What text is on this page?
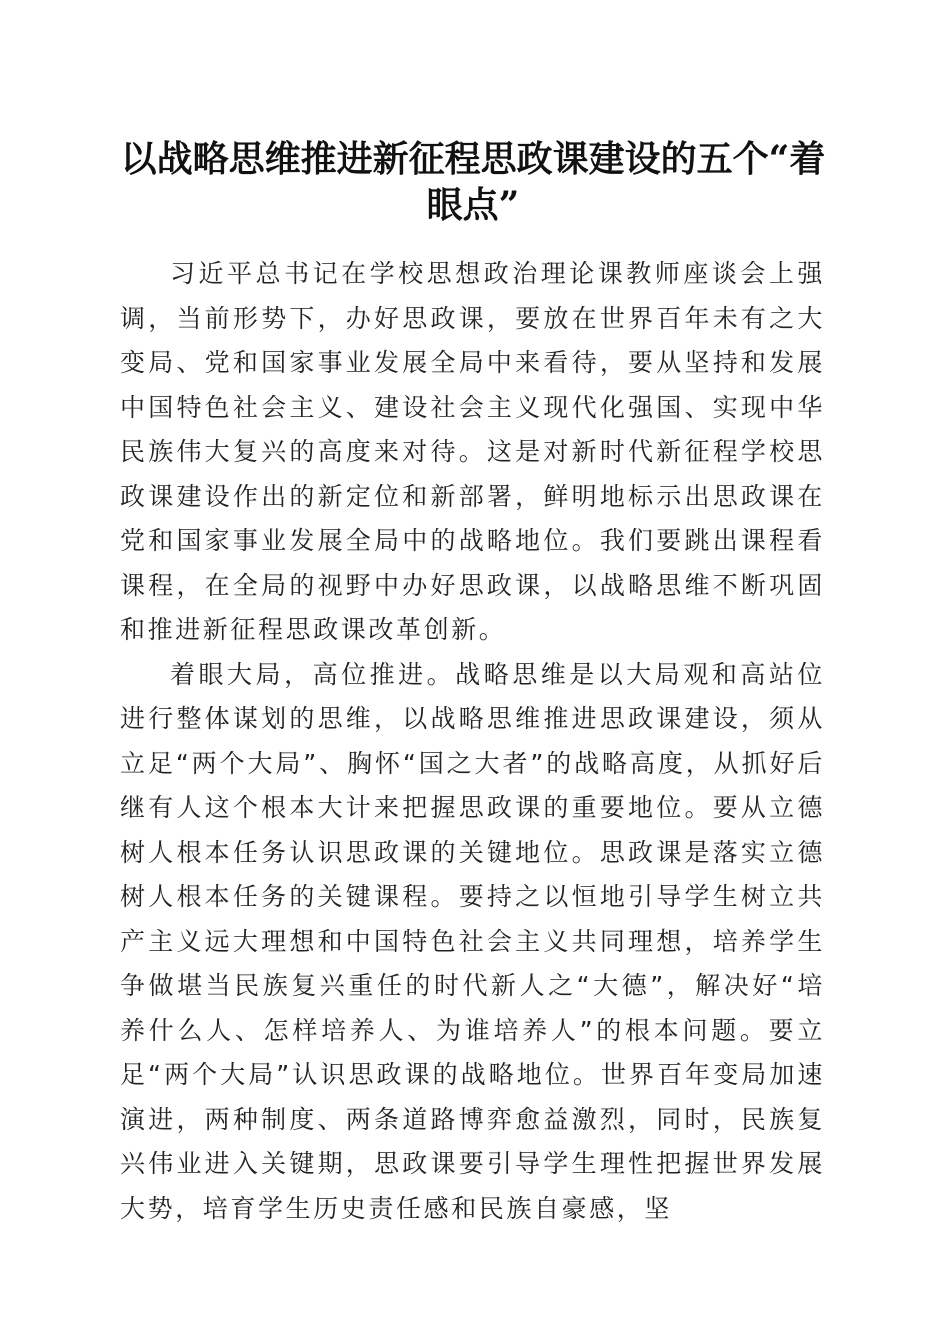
以战略思维推进新征程思政课建设的五个“着眼点”

习近平总书记在学校思想政治理论课教师座谈会上强调，当前形势下，办好思政课，要放在世界百年未有之大变局、党和国家事业发展全局中来看待，要从坚持和发展中国特色社会主义、建设社会主义现代化强国、实现中华民族伟大复兴的高度来对待。这是对新时代新征程学校思政课建设作出的新定位和新部署，鲜明地标示出思政课在党和国家事业发展全局中的战略地位。我们要跳出课程看课程，在全局的视野中办好思政课，以战略思维不断巩固和推进新征程思政课改革创新。

着眼大局，高位推进。战略思维是以大局观和高站位进行整体谋划的思维，以战略思维推进思政课建设，须从立足“两个大局”、胸怀“国之大者”的战略高度，从抓好后继有人这个根本大计来把握思政课的重要地位。要从立德树人根本任务认识思政课的关键地位。思政课是落实立德树人根本任务的关键课程。要持之以恒地引导学生树立共产主义远大理想和中国特色社会主义共同理想，培养学生争做堪当民族复兴重任的时代新人之“大德”，解决好“培养什么人、怎样培养人、为谁培养人”的根本问题。要立足“两个大局”认识思政课的战略地位。世界百年变局加速演进，两种制度、两条道路博弈愈益激烈，同时，民族复兴伟业进入关键期，思政课要引导学生理性把握世界发展大势，培育学生历史责任感和民族自豪感，坚
